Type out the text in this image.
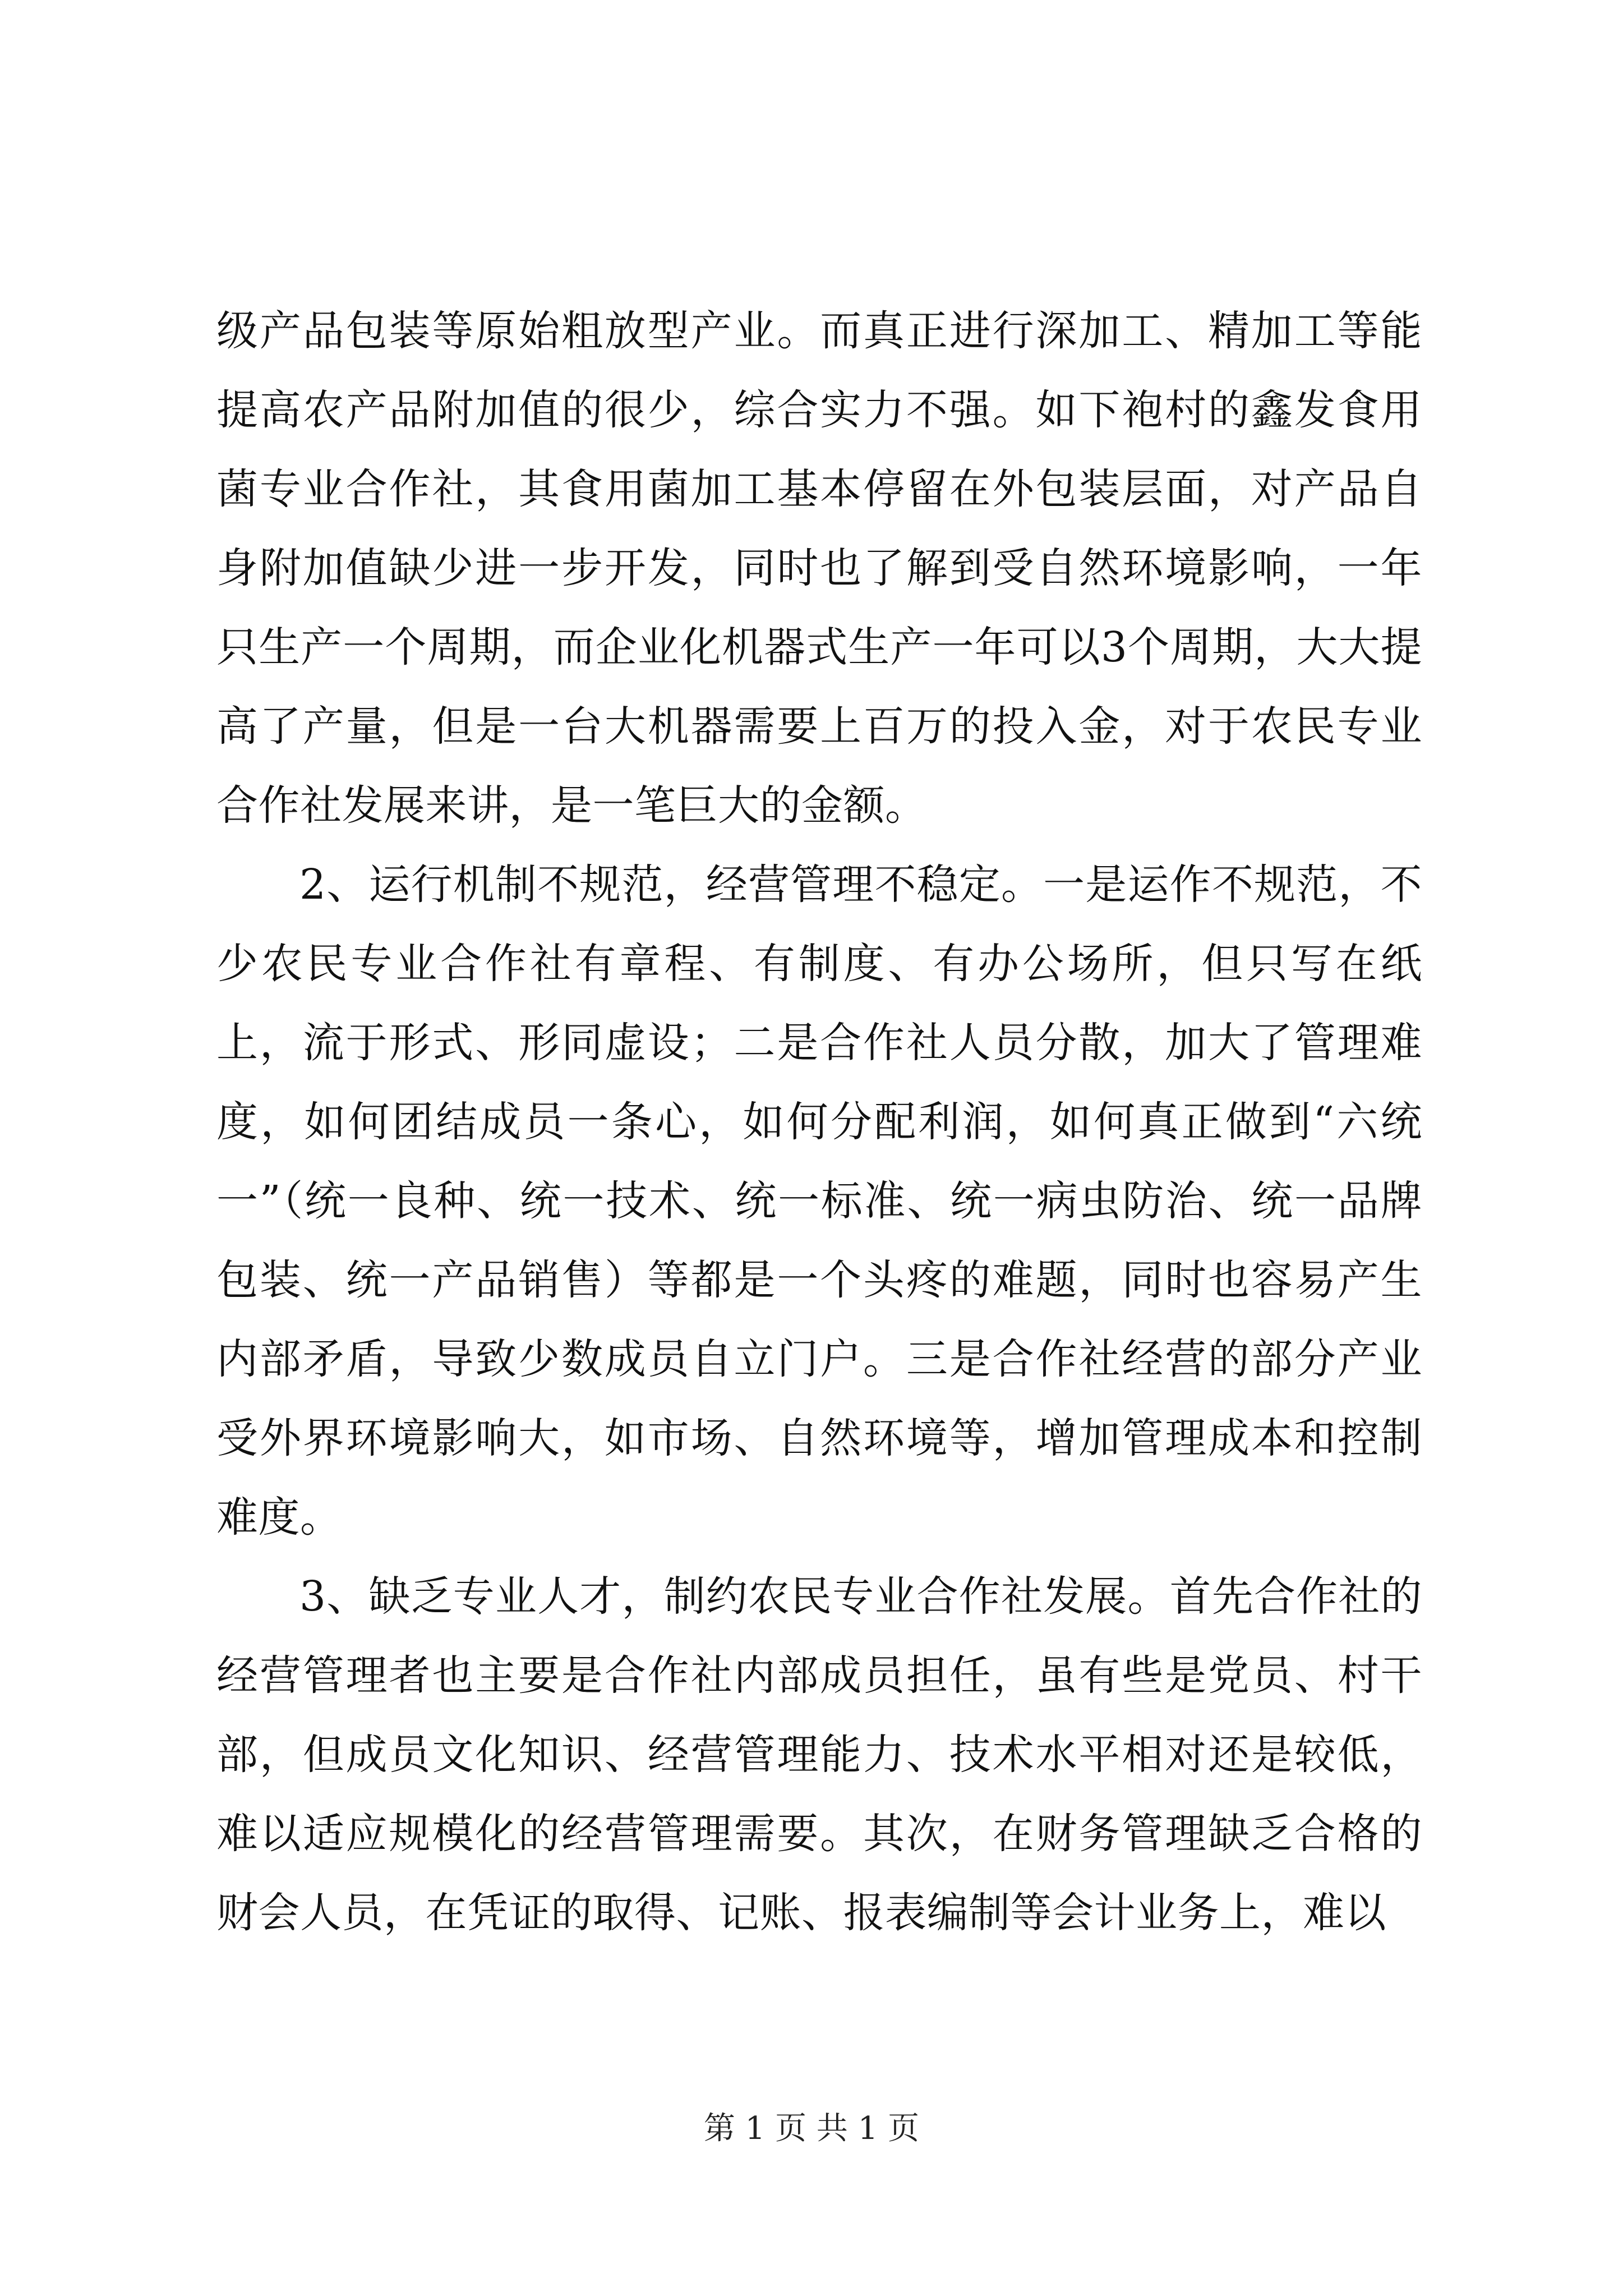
级产品包装等原始粗放型产业。而真正进行深加工、精加工等能提高农产品附加值的很少，综合实力不强。如下袍村的鑫发食用菌专业合作社，其食用菌加工基本停留在外包装层面，对产品自身附加值缺少进一步开发，同时也了解到受自然环境影响，一年只生产一个周期，而企业化机器式生产一年可以3个周期，大大提高了产量，但是一台大机器需要上百万的投入金，对于农民专业合作社发展来讲，是一笔巨大的金额。

2、运行机制不规范，经营管理不稳定。一是运作不规范，不少农民专业合作社有章程、有制度、有办公场所，但只写在纸上，流于形式、形同虚设；二是合作社人员分散，加大了管理难度，如何团结成员一条心，如何分配利润，如何真正做到“六统一”（统一良种、统一技术、统一标准、统一病虫防治、统一品牌包装、统一产品销售）等都是一个头疼的难题，同时也容易产生内部矛盾，导致少数成员自立门户。三是合作社经营的部分产业受外界环境影响大，如市场、自然环境等，增加管理成本和控制难度。

3、缺乏专业人才，制约农民专业合作社发展。首先合作社的经营管理者也主要是合作社内部成员担任，虽有些是党员、村干部，但成员文化知识、经营管理能力、技术水平相对还是较低，难以适应规模化的经营管理需要。其次，在财务管理缺乏合格的财会人员，在凭证的取得、记账、报表编制等会计业务上，难以

第 1 页 共 1 页
